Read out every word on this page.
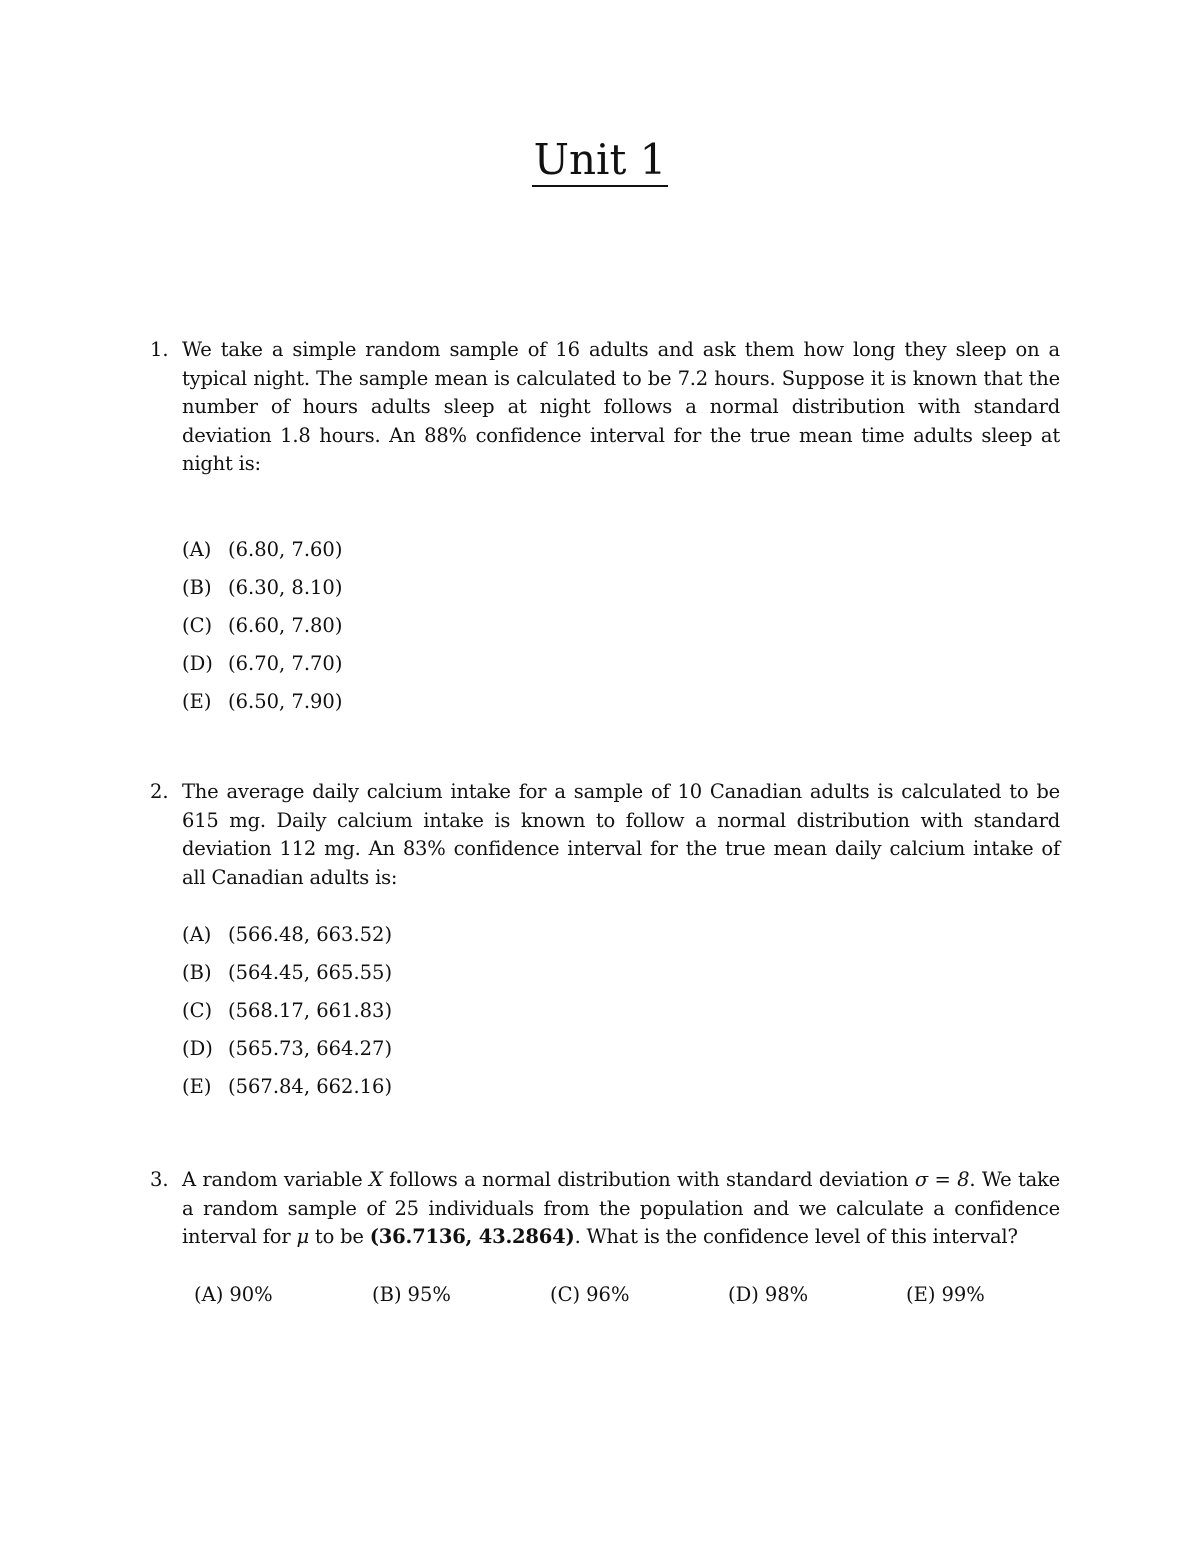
Unit 1
1. We take a simple random sample of 16 adults and ask them how long they sleep on a typical night. The sample mean is calculated to be 7.2 hours. Suppose it is known that the number of hours adults sleep at night follows a normal distribution with standard deviation 1.8 hours. An 88% confidence interval for the true mean time adults sleep at night is:
(A) (6.80, 7.60)
(B) (6.30, 8.10)
(C) (6.60, 7.80)
(D) (6.70, 7.70)
(E) (6.50, 7.90)
2. The average daily calcium intake for a sample of 10 Canadian adults is calculated to be 615 mg. Daily calcium intake is known to follow a normal distribution with standard deviation 112 mg. An 83% confidence interval for the true mean daily calcium intake of all Canadian adults is:
(A) (566.48, 663.52)
(B) (564.45, 665.55)
(C) (568.17, 661.83)
(D) (565.73, 664.27)
(E) (567.84, 662.16)
3. A random variable X follows a normal distribution with standard deviation σ = 8. We take a random sample of 25 individuals from the population and we calculate a confidence interval for μ to be (36.7136, 43.2864). What is the confidence level of this interval?
(A) 90%	(B) 95%	(C) 96%	(D) 98%	(E) 99%
